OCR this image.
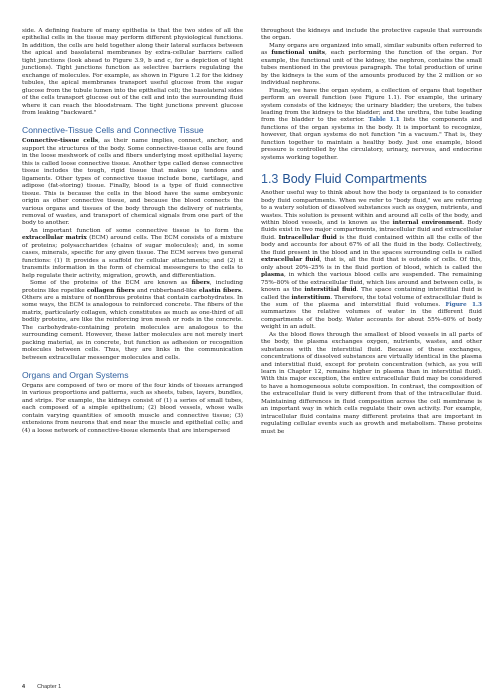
side. A defining feature of many epithelia is that the two sides of all the epithelial cells in the tissue may perform different physiological functions. In addition, the cells are held together along their lateral surfaces between the apical and basolateral membranes by extra-cellular barriers called tight junctions (look ahead to Figure 3.9, b and c, for a depiction of tight junctions). Tight junctions function as selective barriers regulating the exchange of molecules. For example, as shown in Figure 1.2 for the kidney tubules, the apical membranes transport useful glucose from the sugar glucose from the tubule lumen into the epithelial cell; the basolateral sides of the cells transport glucose out of the cell and into the surrounding fluid where it can reach the bloodstream. The tight junctions prevent glucose from leaking "backward."

Connective-Tissue Cells and Connective Tissue

Connective-tissue cells, as their name implies, connect, anchor, and support the structures of the body. Some connective-tissue cells are found in the loose meshwork of cells and fibers underlying most epithelial layers; this is called loose connective tissue. Another type called dense connective tissue includes the tough, rigid tissue that makes up tendons and ligaments. Other types of connective tissue include bone, cartilage, and adipose (fat-storing) tissue. Finally, blood is a type of fluid connective tissue. This is because the cells in the blood have the same embryonic origin as other connective tissue, and because the blood connects the various organs and tissues of the body through the delivery of nutrients, removal of wastes, and transport of chemical signals from one part of the body to another.

An important function of some connective tissue is to form the extracellular matrix (ECM) around cells. The ECM consists of a mixture of proteins; polysaccharides (chains of sugar molecules); and, in some cases, minerals, specific for any given tissue. The ECM serves two general functions: (1) It provides a scaffold for cellular attachments; and (2) it transmits information in the form of chemical messengers to the cells to help regulate their activity, migration, growth, and differentiation.

Some of the proteins of the ECM are known as fibers, including proteins like ropelike collagen fibers and rubberband-like elastin fibers. Others are a mixture of nonfibrous proteins that contain carbohydrates. In some ways, the ECM is analogous to reinforced concrete. The fibers of the matrix, particularly collagen, which constitutes as much as one-third of all bodily proteins, are like the reinforcing iron mesh or rods in the concrete. The carbohydrate-containing protein molecules are analogous to the surrounding cement. However, these latter molecules are not merely inert packing material, as in concrete, but function as adhesion or recognition molecules between cells. Thus, they are links in the communication between extracellular messenger molecules and cells.

Organs and Organ Systems

Organs are composed of two or more of the four kinds of tissues arranged in various proportions and patterns, such as sheets, tubes, layers, bundles, and strips. For example, the kidneys consist of (1) a series of small tubes, each composed of a simple epithelium; (2) blood vessels, whose walls contain varying quantities of smooth muscle and connective tissue; (3) extensions from neurons that end near the muscle and epithelial cells; and (4) a loose network of connective-tissue elements that are interspersed

throughout the kidneys and include the protective capsule that surrounds the organ.

Many organs are organized into small, similar subunits often referred to as functional units, each performing the function of the organ. For example, the functional unit of the kidney, the nephron, contains the small tubes mentioned in the previous paragraph. The total production of urine by the kidneys is the sum of the amounts produced by the 2 million or so individual nephrons.

Finally, we have the organ system, a collection of organs that together perform an overall function (see Figure 1.1). For example, the urinary system consists of the kidneys; the urinary bladder; the ureters, the tubes leading from the kidneys to the bladder; and the urethra, the tube leading from the bladder to the exterior. Table 1.1 lists the components and functions of the organ systems in the body. It is important to recognize, however, that organ systems do not function "in a vacuum." That is, they function together to maintain a healthy body. Just one example, blood pressure is controlled by the circulatory, urinary, nervous, and endocrine systems working together.

1.3 Body Fluid Compartments

Another useful way to think about how the body is organized is to consider body fluid compartments. When we refer to "body fluid," we are referring to a watery solution of dissolved substances such as oxygen, nutrients, and wastes. This solution is present within and around all cells of the body, and within blood vessels, and is known as the internal environment. Body fluids exist in two major compartments, intracellular fluid and extracellular fluid. Intracellular fluid is the fluid contained within all the cells of the body and accounts for about 67% of all the fluid in the body. Collectively, the fluid present in the blood and in the spaces surrounding cells is called extracellular fluid, that is, all the fluid that is outside of cells. Of this, only about 20%–25% is in the fluid portion of blood, which is called the plasma, in which the various blood cells are suspended. The remaining 75%–80% of the extracellular fluid, which lies around and between cells, is known as the interstitial fluid. The space containing interstitial fluid is called the interstitium. Therefore, the total volume of extracellular fluid is the sum of the plasma and interstitial fluid volumes. Figure 1.3 summarizes the relative volumes of water in the different fluid compartments of the body. Water accounts for about 55%–60% of body weight in an adult.

As the blood flows through the smallest of blood vessels in all parts of the body, the plasma exchanges oxygen, nutrients, wastes, and other substances with the interstitial fluid. Because of these exchanges, concentrations of dissolved substances are virtually identical in the plasma and interstitial fluid, except for protein concentration (which, as you will learn in Chapter 12, remains higher in plasma than in interstitial fluid). With this major exception, the entire extracellular fluid may be considered to have a homogeneous solute composition. In contrast, the composition of the extracellular fluid is very different from that of the intracellular fluid. Maintaining differences in fluid composition across the cell membrane is an important way in which cells regulate their own activity. For example, intracellular fluid contains many different proteins that are important in regulating cellular events such as growth and metabolism. These proteins must be

4 Chapter 1
